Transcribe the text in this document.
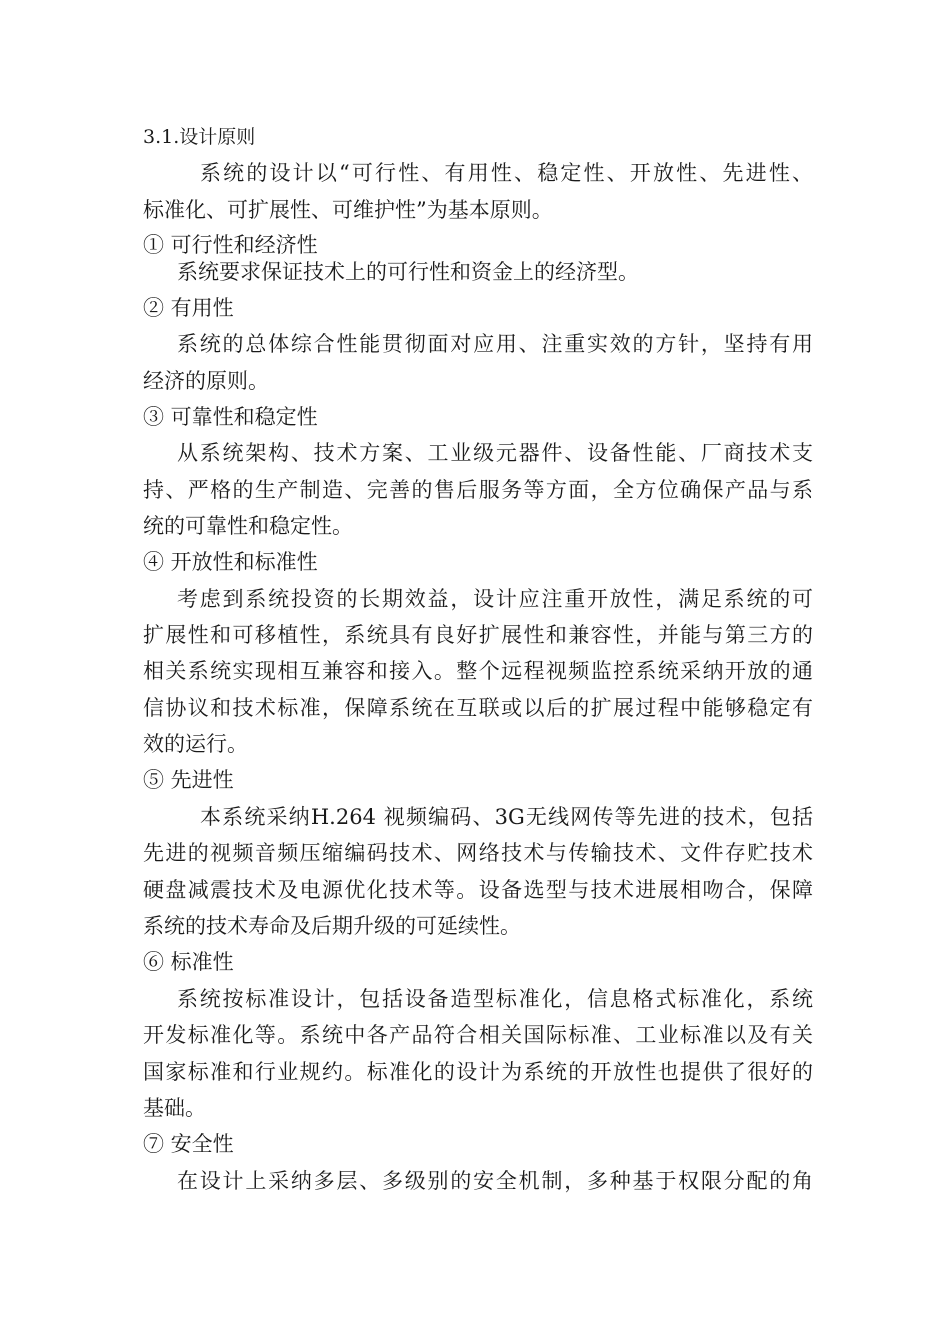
3.1.设计原则
系统的设计以“可行性、有用性、稳定性、开放性、先进性、
标准化、可扩展性、可维护性”为基本原则。
① 可行性和经济性
系统要求保证技术上的可行性和资金上的经济型。
② 有用性
系统的总体综合性能贯彻面对应用、注重实效的方针，坚持有用
经济的原则。
③ 可靠性和稳定性
从系统架构、技术方案、工业级元器件、设备性能、厂商技术支
持、严格的生产制造、完善的售后服务等方面，全方位确保产品与系
统的可靠性和稳定性。
④ 开放性和标准性
考虑到系统投资的长期效益，设计应注重开放性，满足系统的可
扩展性和可移植性，系统具有良好扩展性和兼容性，并能与第三方的
相关系统实现相互兼容和接入。整个远程视频监控系统采纳开放的通
信协议和技术标准，保障系统在互联或以后的扩展过程中能够稳定有
效的运行。
⑤ 先进性
本系统采纳H.264 视频编码、3G无线网传等先进的技术，包括
先进的视频音频压缩编码技术、网络技术与传输技术、文件存贮技术
硬盘减震技术及电源优化技术等。设备选型与技术进展相吻合，保障
系统的技术寿命及后期升级的可延续性。
⑥ 标准性
系统按标准设计，包括设备造型标准化，信息格式标准化，系统
开发标准化等。系统中各产品符合相关国际标准、工业标准以及有关
国家标准和行业规约。标准化的设计为系统的开放性也提供了很好的
基础。
⑦ 安全性
在设计上采纳多层、多级别的安全机制，多种基于权限分配的角
